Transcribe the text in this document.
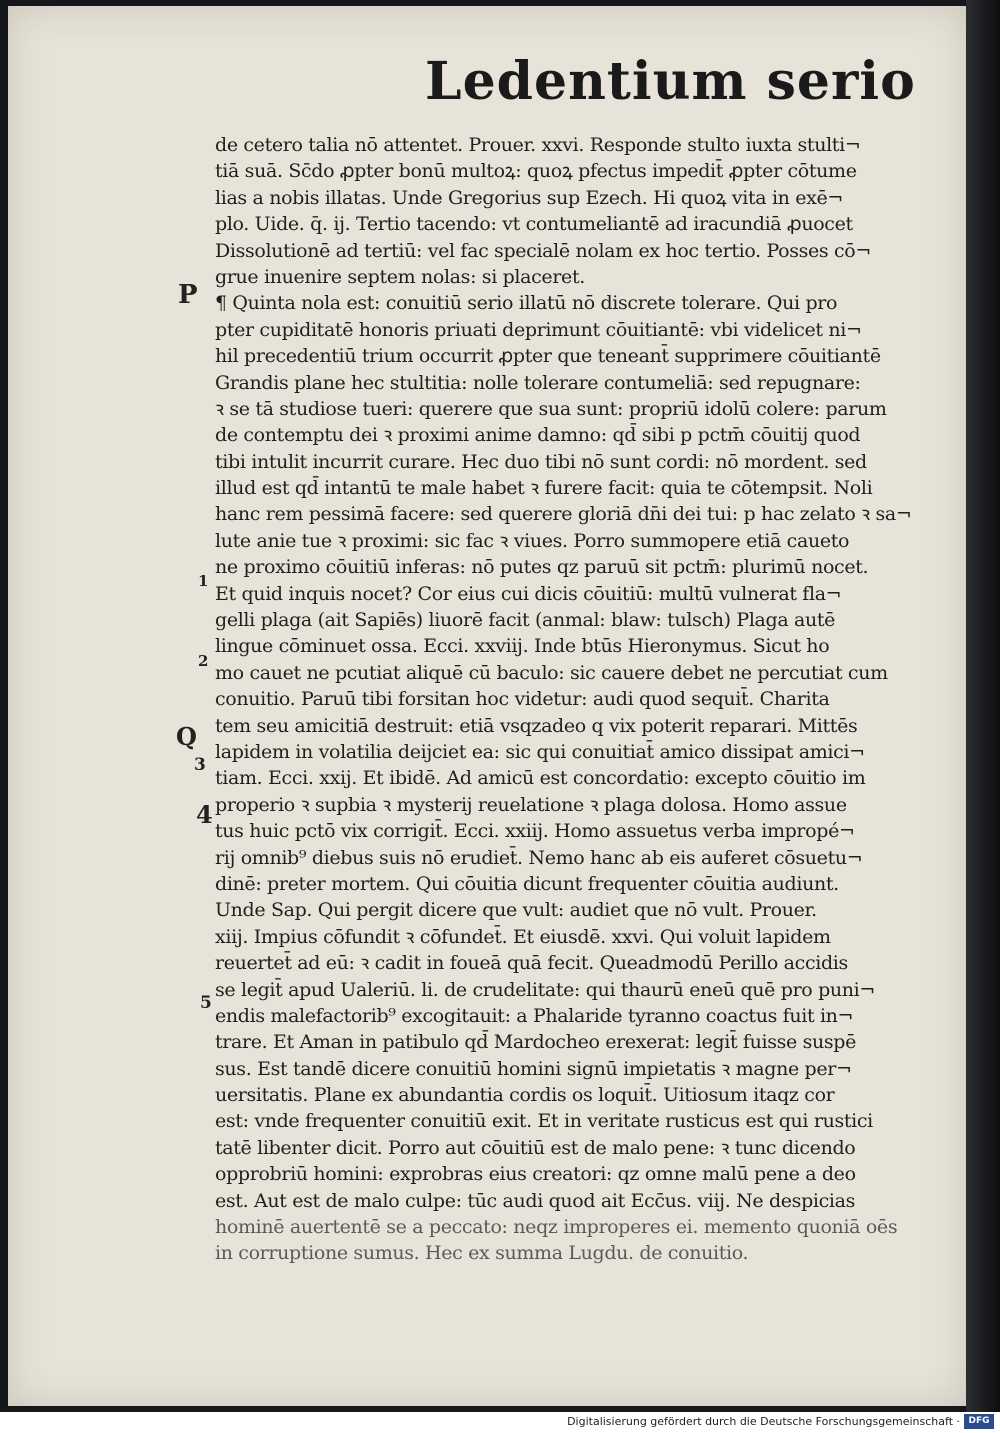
Ledentium serio
de cetero talia nō attentet. Prouer. xxvi. Responde stulto iuxta stulti¬
tiā suā. Sc̄do ꝓpter bonū multoꝝ: quoꝝ pfectus impedit̄ ꝓpter cōtume
lias a nobis illatas. Unde Gregorius sup Ezech. Hi quoꝝ vita in exē¬
plo. Uide. q̄. ij. Tertio tacendo: vt contumeliantē ad iracundiā ꝓuocet
Dissolutionē ad tertiū: vel fac specialē nolam ex hoc tertio. Posses cō¬
grue inuenire septem nolas: si placeret.
¶ Quinta nola est: conuitiū serio illatū nō discrete tolerare. Qui pro
pter cupiditatē honoris priuati deprimunt cōuitiantē: vbi videlicet ni¬
hil precedentiū trium occurrit ꝓpter que teneant̄ supprimere cōuitiantē
Grandis plane hec stultitia: nolle tolerare contumeliā: sed repugnare:
ꝛ se tā studiose tueri: querere que sua sunt: propriū idolū colere: parum
de contemptu dei ꝛ proximi anime damno: qd̄ sibi p pctm̄ cōuitij quod
tibi intulit incurrit curare. Hec duo tibi nō sunt cordi: nō mordent. sed
illud est qd̄ intantū te male habet ꝛ furere facit: quia te cōtempsit. Noli
hanc rem pessimā facere: sed querere gloriā dn̄i dei tui: p hac zelato ꝛ sa¬
lute anie tue ꝛ proximi: sic fac ꝛ viues. Porro summopere etiā caueto
ne proximo cōuitiū inferas: nō putes qz paruū sit pctm̄: plurimū nocet.
Et quid inquis nocet? Cor eius cui dicis cōuitiū: multū vulnerat fla¬
gelli plaga (ait Sapiēs) liuorē facit (anmal: blaw: tulsch) Plaga autē
lingue cōminuet ossa. Ecci. xxviij. Inde btūs Hieronymus. Sicut ho
mo cauet ne pcutiat aliquē cū baculo: sic cauere debet ne percutiat cum
conuitio. Paruū tibi forsitan hoc videtur: audi quod sequit̄. Charita
tem seu amicitiā destruit: etiā vsqzadeo q vix poterit reparari. Mittēs
lapidem in volatilia deijciet ea: sic qui conuitiat̄ amico dissipat amici¬
tiam. Ecci. xxij. Et ibidē. Ad amicū est concordatio: excepto cōuitio im
properio ꝛ supbia ꝛ mysterij reuelatione ꝛ plaga dolosa. Homo assue
tus huic pctō vix corrigit̄. Ecci. xxiij. Homo assuetus verba impropé¬
rij omnib⁹ diebus suis nō erudiet̄. Nemo hanc ab eis auferet cōsuetu¬
dinē: preter mortem. Qui cōuitia dicunt frequenter cōuitia audiunt.
Unde Sap. Qui pergit dicere que vult: audiet que nō vult. Prouer.
xiij. Impius cōfundit ꝛ cōfundet̄. Et eiusdē. xxvi. Qui voluit lapidem
reuertet̄ ad eū: ꝛ cadit in foueā quā fecit. Queadmodū Perillo accidis
se legit̄ apud Ualeriū. li. de crudelitate: qui thaurū eneū quē pro puni¬
endis malefactorib⁹ excogitauit: a Phalaride tyranno coactus fuit in¬
trare. Et Aman in patibulo qd̄ Mardocheo erexerat: legit̄ fuisse suspē
sus. Est tandē dicere conuitiū homini signū impietatis ꝛ magne per¬
uersitatis. Plane ex abundantia cordis os loquit̄. Uitiosum itaqz cor
est: vnde frequenter conuitiū exit. Et in veritate rusticus est qui rustici
tatē libenter dicit. Porro aut cōuitiū est de malo pene: ꝛ tunc dicendo
opprobriū homini: exprobras eius creatori: qz omne malū pene a deo
est. Aut est de malo culpe: tūc audi quod ait Ecc̄us. viij. Ne despicias
hominē auertentē se a peccato: neqz improperes ei. memento quoniā oēs
in corruptione sumus. Hec ex summa Lugdu. de conuitio.
P
1
2
Q
3
4
5
Digitalisierung gefördert durch die Deutsche Forschungsgemeinschaft · DFG
